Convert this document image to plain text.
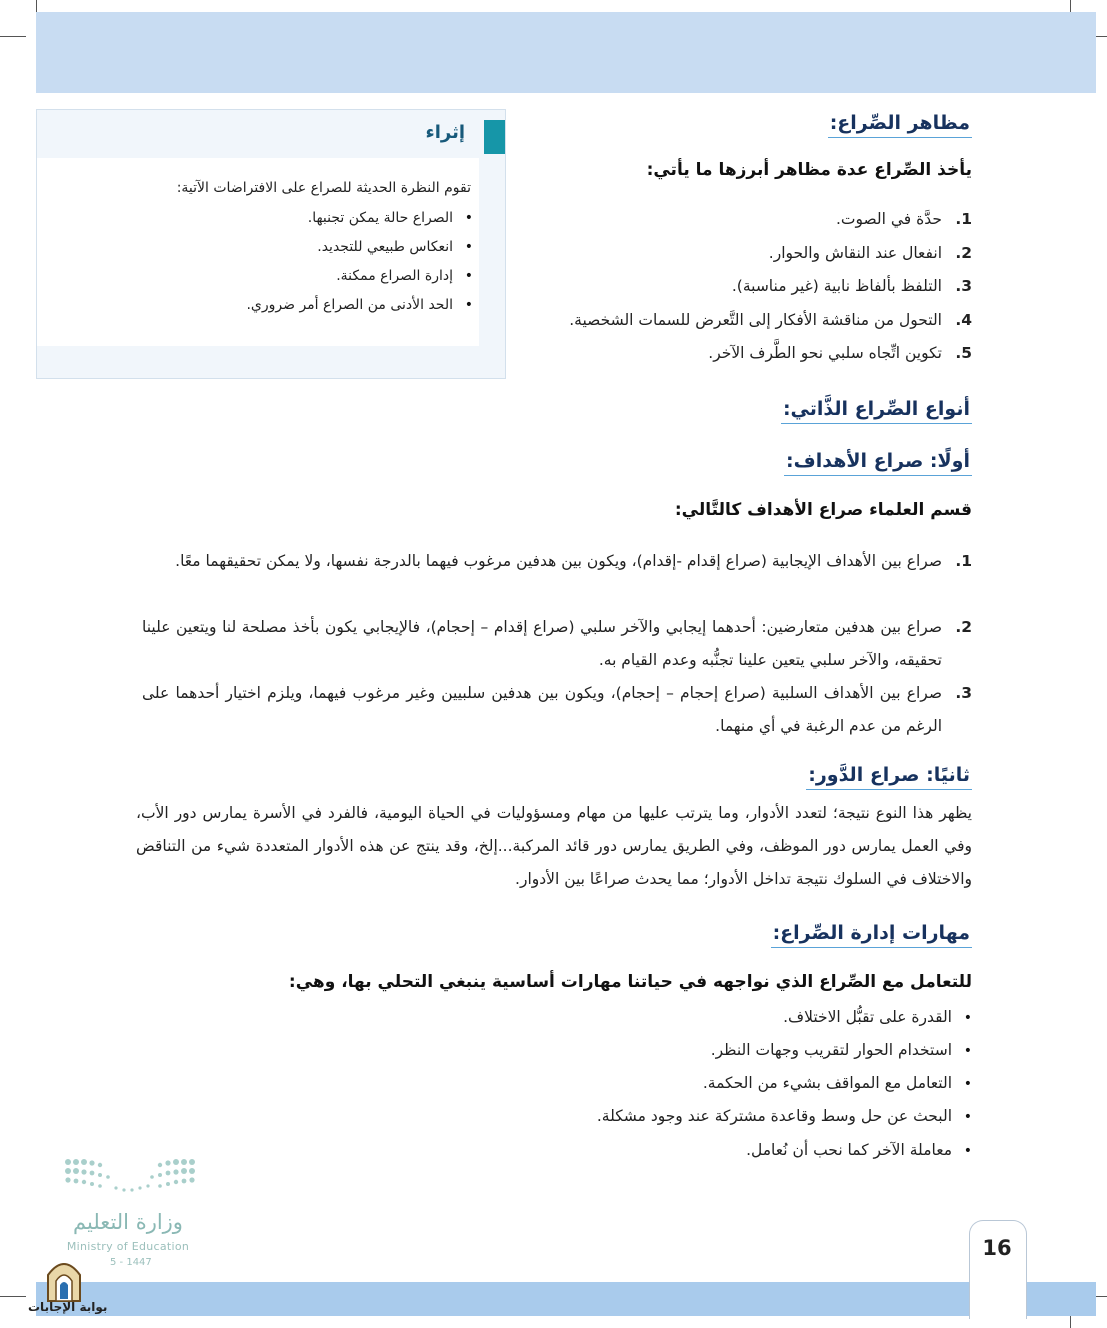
16
إثراء
تقوم النظرة الحديثة للصراع على الافتراضات الآتية:
•الصراع حالة يمكن تجنبها.
•انعكاس طبيعي للتجديد.
•إدارة الصراع ممكنة.
•الحد الأدنى من الصراع أمر ضروري.
مظاهر الصِّراع:
يأخذ الصِّراع عدة مظاهر أبرزها ما يأتي:
1.حدَّة في الصوت.
2.انفعال عند النقاش والحوار.
3.التلفظ بألفاظ نابية (غير مناسبة).
4.التحول من مناقشة الأفكار إلى التَّعرض للسمات الشخصية.
5.تكوين اتِّجاه سلبي نحو الطَّرف الآخر.
أنواع الصِّراع الذَّاتي:
أولًا: صراع الأهداف:
قسم العلماء صراع الأهداف كالتَّالي:
1.صراع بين الأهداف الإيجابية (صراع إقدام -إقدام)، ويكون بين هدفين مرغوب فيهما بالدرجة نفسها، ولا يمكن تحقيقهما معًا.
2.صراع بين هدفين متعارضين: أحدهما إيجابي والآخر سلبي (صراع إقدام – إحجام)، فالإيجابي يكون بأخذ مصلحة لنا ويتعين علينا تحقيقه، والآخر سلبي يتعين علينا تجنُّبه وعدم القيام به.
3.صراع بين الأهداف السلبية (صراع إحجام – إحجام)، ويكون بين هدفين سلبيين وغير مرغوب فيهما، ويلزم اختيار أحدهما على الرغم من عدم الرغبة في أي منهما.
ثانيًا: صراع الدَّور:
يظهر هذا النوع نتيجة؛ لتعدد الأدوار، وما يترتب عليها من مهام ومسؤوليات في الحياة اليومية، فالفرد في الأسرة يمارس دور الأب، وفي العمل يمارس دور الموظف، وفي الطريق يمارس دور قائد المركبة...إلخ، وقد ينتج عن هذه الأدوار المتعددة شيء من التناقض والاختلاف في السلوك نتيجة تداخل الأدوار؛ مما يحدث صراعًا بين الأدوار.
مهارات إدارة الصِّراع:
للتعامل مع الصِّراع الذي نواجهه في حياتنا مهارات أساسية ينبغي التحلي بها، وهي:
•القدرة على تقبُّل الاختلاف.
•استخدام الحوار لتقريب وجهات النظر.
•التعامل مع المواقف بشيء من الحكمة.
•البحث عن حل وسط وقاعدة مشتركة عند وجود مشكلة.
•معاملة الآخر كما نحب أن نُعامل.
وزارة التعليم
Ministry of Education
5 - 1447
بوابة الإجابات
